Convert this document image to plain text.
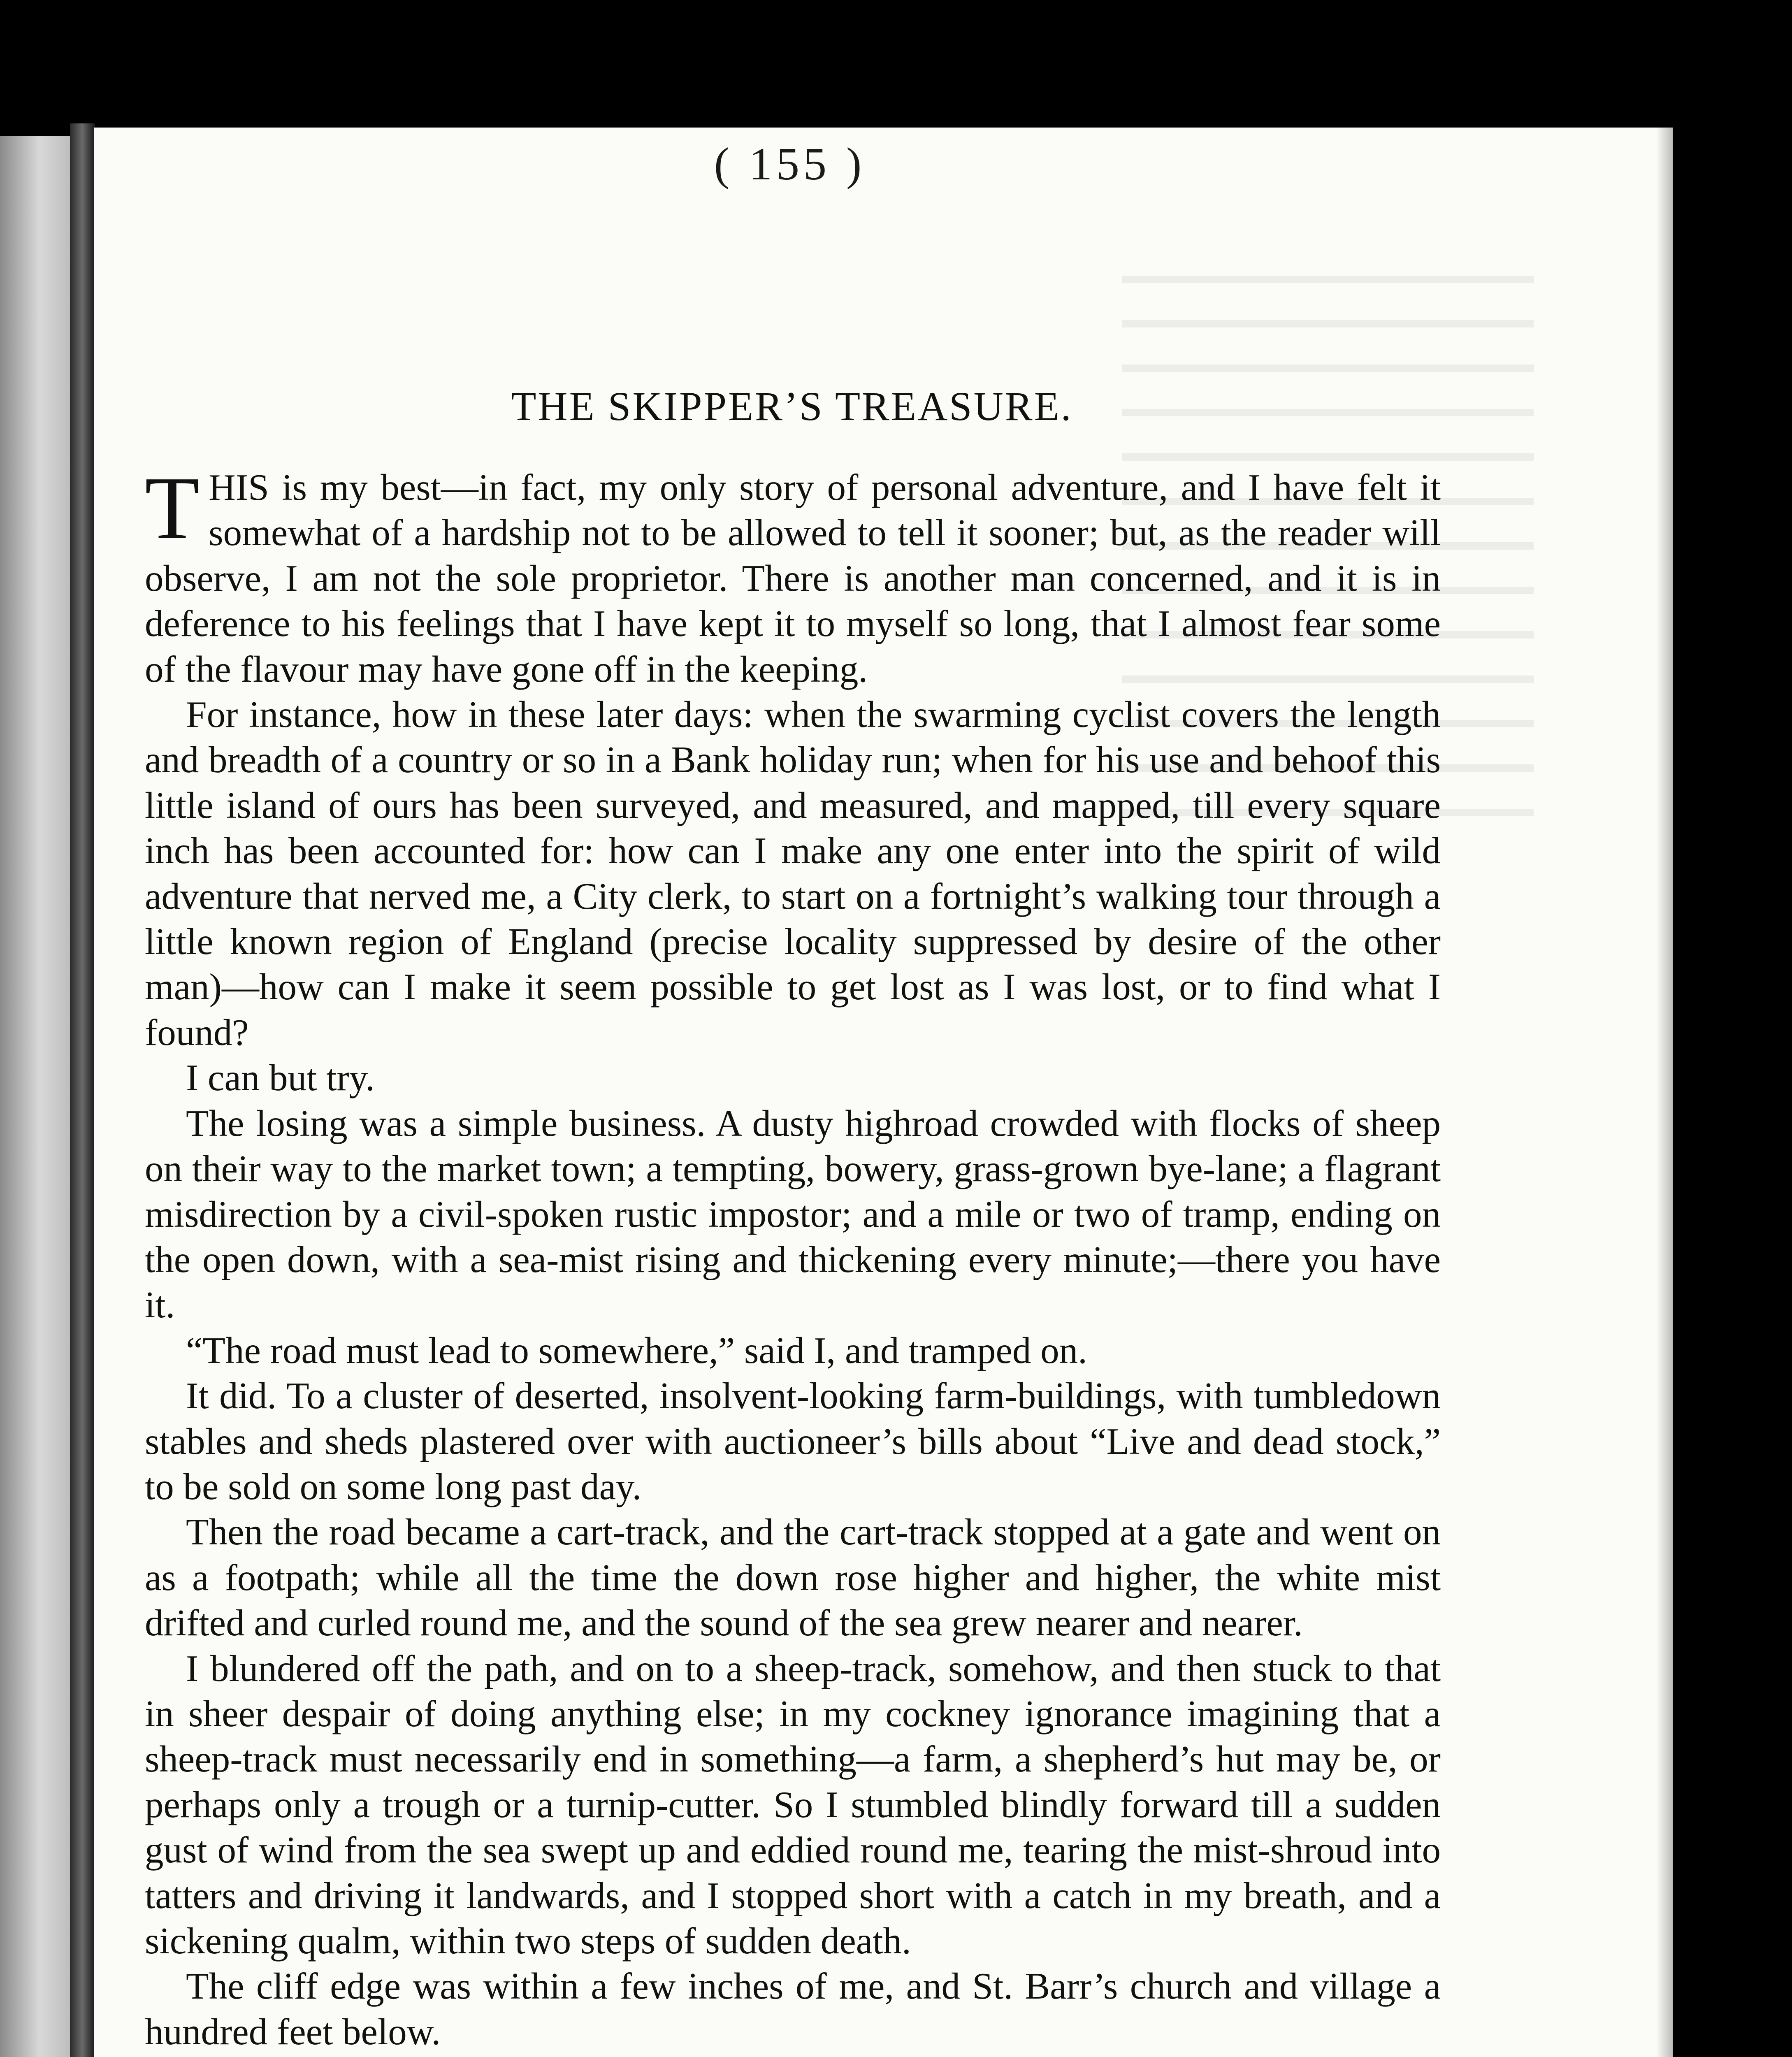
( 155 )
THE SKIPPER’S TREASURE.

THIS is my best—in fact, my only story of personal adventure, and I have felt it somewhat of a hardship not to be allowed to tell it sooner; but, as the reader will observe, I am not the sole proprietor. There is another man concerned, and it is in deference to his feelings that I have kept it to myself so long, that I almost fear some of the flavour may have gone off in the keeping.

For instance, how in these later days: when the swarming cyclist covers the length and breadth of a country or so in a Bank holiday run; when for his use and behoof this little island of ours has been surveyed, and measured, and mapped, till every square inch has been accounted for: how can I make any one enter into the spirit of wild adventure that nerved me, a City clerk, to start on a fortnight’s walking tour through a little known region of England (precise locality suppressed by desire of the other man)—how can I make it seem possible to get lost as I was lost, or to find what I found?

I can but try.

The losing was a simple business. A dusty highroad crowded with flocks of sheep on their way to the market town; a tempting, bowery, grass-grown bye-lane; a flagrant misdirection by a civil-spoken rustic impostor; and a mile or two of tramp, ending on the open down, with a sea-mist rising and thickening every minute;—there you have it.

“The road must lead to somewhere,” said I, and tramped on.

It did. To a cluster of deserted, insolvent-looking farm-buildings, with tumbledown stables and sheds plastered over with auctioneer’s bills about “Live and dead stock,” to be sold on some long past day.

Then the road became a cart-track, and the cart-track stopped at a gate and went on as a footpath; while all the time the down rose higher and higher, the white mist drifted and curled round me, and the sound of the sea grew nearer and nearer.

I blundered off the path, and on to a sheep-track, somehow, and then stuck to that in sheer despair of doing anything else; in my cockney ignorance imagining that a sheep-track must necessarily end in something—a farm, a shepherd’s hut may be, or perhaps only a trough or a turnip-cutter. So I stumbled blindly forward till a sudden gust of wind from the sea swept up and eddied round me, tearing the mist-shroud into tatters and driving it landwards, and I stopped short with a catch in my breath, and a sickening qualm, within two steps of sudden death.

The cliff edge was within a few inches of me, and St. Barr’s church and village a hundred feet below.
